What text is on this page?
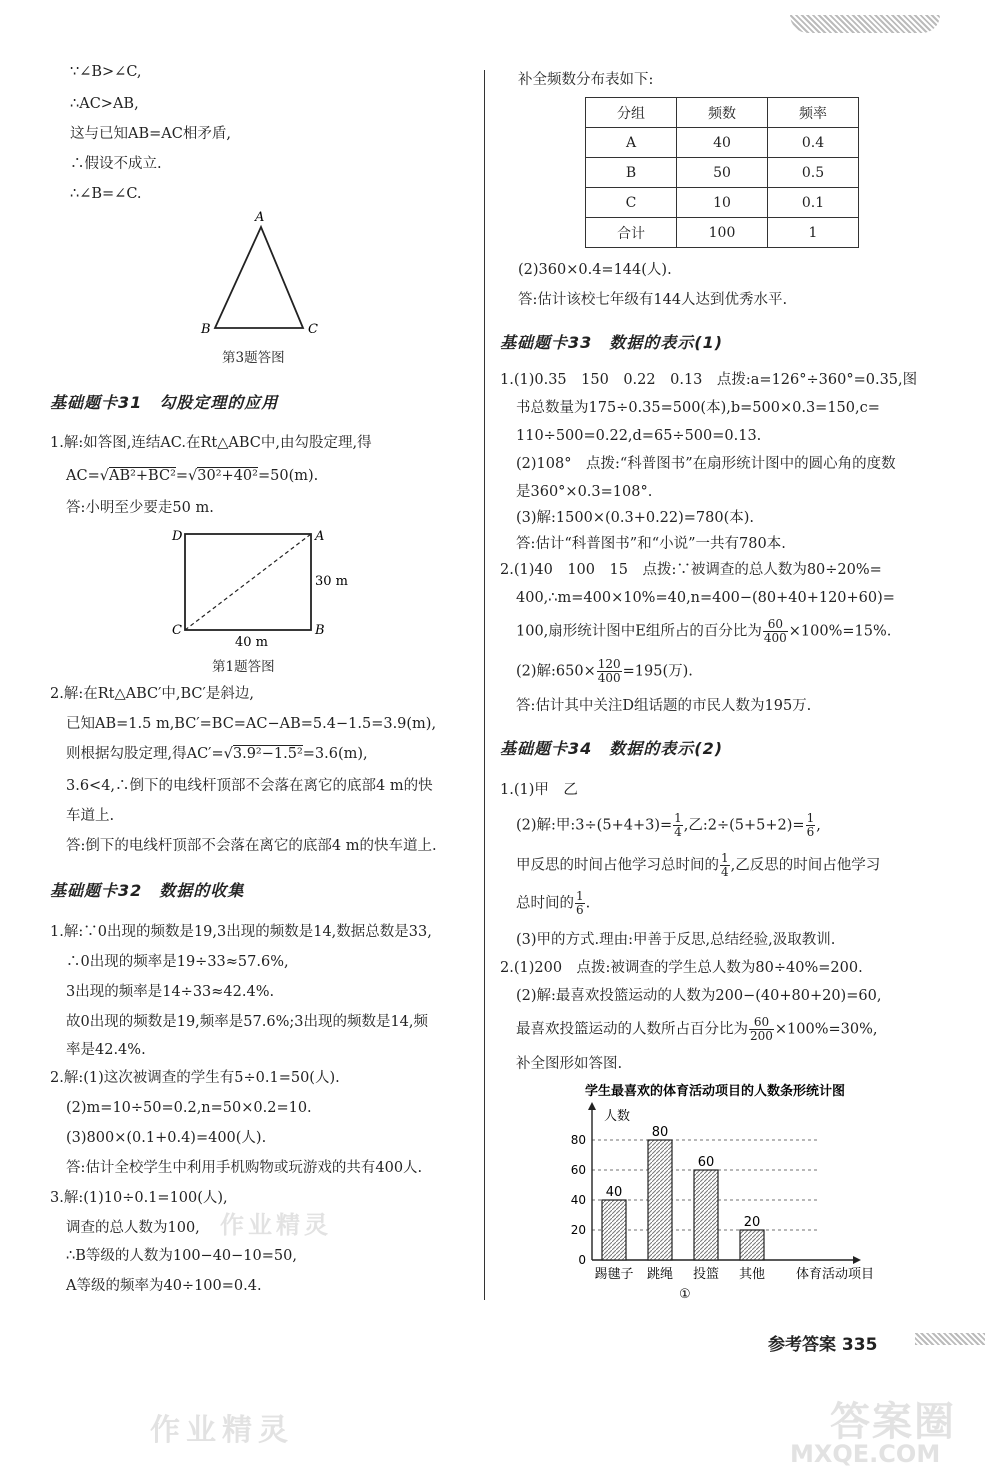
∵∠B>∠C,
∴AC>AB,
这与已知AB=AC相矛盾,
∴假设不成立.
∴∠B=∠C.
A
B	C
第3题答图
基础题卡31　勾股定理的应用
1.解:如答图,连结AC.在Rt△ABC中,由勾股定理,得
AC=√AB²+BC²=√30²+40²=50(m).
答:小明至少要走50 m.
D	A
C	B
30 m
40 m
第1题答图
2.解:在Rt△ABC′中,BC′是斜边,
已知AB=1.5 m,BC′=BC=AC−AB=5.4−1.5=3.9(m),
则根据勾股定理,得AC′=√3.9²−1.5²=3.6(m),
3.6<4,∴倒下的电线杆顶部不会落在离它的底部4 m的快
车道上.
答:倒下的电线杆顶部不会落在离它的底部4 m的快车道上.
基础题卡32　数据的收集
1.解:∵0出现的频数是19,3出现的频数是14,数据总数是33,
∴0出现的频率是19÷33≈57.6%,
3出现的频率是14÷33≈42.4%.
故0出现的频数是19,频率是57.6%;3出现的频数是14,频
率是42.4%.
2.解:(1)这次被调查的学生有5÷0.1=50(人).
(2)m=10÷50=0.2,n=50×0.2=10.
(3)800×(0.1+0.4)=400(人).
答:估计全校学生中利用手机购物或玩游戏的共有400人.
3.解:(1)10÷0.1=100(人),
调查的总人数为100,
∴B等级的人数为100−40−10=50,
A等级的频率为40÷100=0.4.
补全频数分布表如下:
分组	频数	频率
A	40	0.4
B	50	0.5
C	10	0.1
合计	100	1
(2)360×0.4=144(人).
答:估计该校七年级有144人达到优秀水平.
基础题卡33　数据的表示(1)
1.(1)0.35　150　0.22　0.13　点拨:a=126°÷360°=0.35,图
书总数量为175÷0.35=500(本),b=500×0.3=150,c=
110÷500=0.22,d=65÷500=0.13.
(2)108°　点拨:“科普图书”在扇形统计图中的圆心角的度数
是360°×0.3=108°.
(3)解:1500×(0.3+0.22)=780(本).
答:估计“科普图书”和“小说”一共有780本.
2.(1)40　100　15　点拨:∵被调查的总人数为80÷20%=
400,∴m=400×10%=40,n=400−(80+40+120+60)=
100,扇形统计图中E组所占的百分比为 $\frac{60}{400} \times 100\%=15\%$.
(2)解:650× $\frac{120}{400} =195$(万).
答:估计其中关注D组话题的市民人数为195万.
基础题卡34　数据的表示(2)
1.(1)甲　乙
(2)解:甲:3÷(5+4+3)= $\frac{1}{4}$ ,乙:2÷(5+5+2)= $\frac{1}{6}$ ,
甲反思的时间占他学习总时间的 $\frac{1}{4}$ ,乙反思的时间占他学习
总时间的 $\frac{1}{6}$ .
(3)甲的方式.理由:甲善于反思,总结经验,汲取教训.
2.(1)200　点拨:被调查的学生总人数为80÷40%=200.
(2)解:最喜欢投篮运动的人数为200−(40+80+20)=60,
最喜欢投篮运动的人数所占百分比为 $\frac{60}{200} \times 100\%=30\%$,
补全图形如答图.
学生最喜欢的体育活动项目的人数条形统计图
人数
体育活动项目
①
0
20
40
60
80
40
踢毽子
80
跳绳
60
投篮
20
其他
参考答案 335
作业精灵
作业精灵	答案圈
MXQE.COM
